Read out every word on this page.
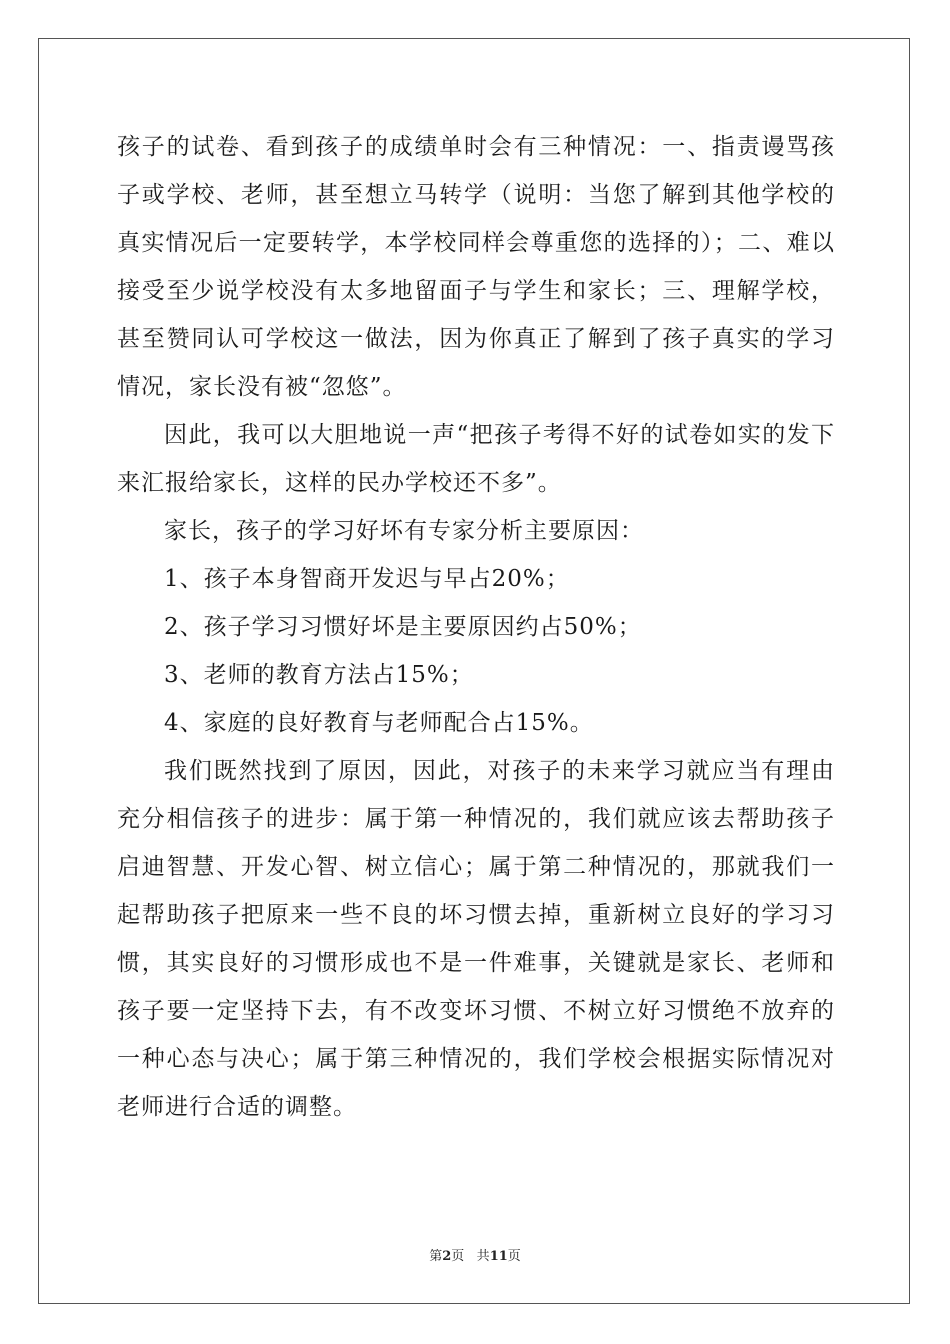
孩子的试卷、看到孩子的成绩单时会有三种情况：一、指责谩骂孩子或学校、老师，甚至想立马转学（说明：当您了解到其他学校的真实情况后一定要转学，本学校同样会尊重您的选择的）；二、难以接受至少说学校没有太多地留面子与学生和家长；三、理解学校，甚至赞同认可学校这一做法，因为你真正了解到了孩子真实的学习情况，家长没有被“忽悠”。

因此，我可以大胆地说一声“把孩子考得不好的试卷如实的发下来汇报给家长，这样的民办学校还不多”。

家长，孩子的学习好坏有专家分析主要原因：

1、孩子本身智商开发迟与早占20%；

2、孩子学习习惯好坏是主要原因约占50%；

3、老师的教育方法占15%；

4、家庭的良好教育与老师配合占15%。

我们既然找到了原因，因此，对孩子的未来学习就应当有理由充分相信孩子的进步：属于第一种情况的，我们就应该去帮助孩子启迪智慧、开发心智、树立信心；属于第二种情况的，那就我们一起帮助孩子把原来一些不良的坏习惯去掉，重新树立良好的学习习惯，其实良好的习惯形成也不是一件难事，关键就是家长、老师和孩子要一定坚持下去，有不改变坏习惯、不树立好习惯绝不放弃的一种心态与决心；属于第三种情况的，我们学校会根据实际情况对老师进行合适的调整。

第2页 共11页
